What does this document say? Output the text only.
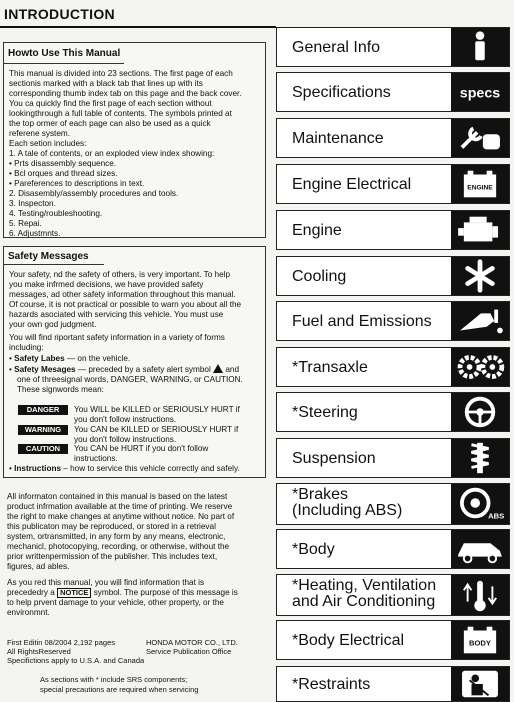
INTRODUCTION
Howto Use This Manual
This manual is divided into 23 sections. The first page of each
sectionis marked with a black tab that lines up with its
corresponding thumb index tab on this page and the back cover.
You ca quickly find the first page of each section without
lookingthrough a full table of contents. The symbols printed at
the top ormer of each page can also be used as a quick
referene system.
Each setion includes:
1. A tale of contents, or an exploded view index showing:
• Prts disassembly sequence.
• Bcl orques and thread sizes.
• Pareferences to descriptions in text.
2. Disasembly/assembly procedures and tools.
3. Inspecton.
4. Testing/roubleshooting.
5. Repai.
6. Adjustmnts.
Safety Messages
Your safety, nd the safety of others, is very important. To help
you make infrmed decisions, we have provided safety
messages, ad other safety information throughout this manual.
Of course, it is not practical or possible to warn you about all the
hazards asociated with servicing this vehicle. You must use
your own god judgment.
You will find riportant safety information in a variety of forms
including:
• Safety Labes — on the vehicle.
• Safety Mesages — preceded by a safety alert symbol  and
one of threesignal words, DANGER, WARNING, or CAUTION.
These signwords mean:
DANGER You WILL be KILLED or SERIOUSLY HURT if
you don't follow instructions.
WARNING You CAN be KILLED or SERIOUSLY HURT if
you don't follow instructions.
CAUTION You CAN be HURT if you don't follow
instructions.
• Instructions – how to service this vehicle correctly and safely.
All informaton contained in this manual is based on the latest
product infrmation available at the time of printing. We reserve
the right to make changes at anytime without notice. No part of
this publicaton may be reproduced, or stored in a retrieval
system, ortransmitted, in any form by any means, electronic,
mechanicl, photocopying, recording, or otherwise, without the
prior writtenpermission of the publisher. This includes text,
figures, ad ables.
As you red this manual, you will find information that is
precededry a NOTICE symbol. The purpose of this message is
to help prvent damage to your vehicle, other property, or the
environmnt.
First Editin 08/2004 2,192 pages
All RightsReserved
Specifictions apply to U.S.A. and Canada
HONDA MOTOR CO., LTD.
Service Publication Office
As sections with * include SRS components;
special precautions are required when servicing
General Info
Specifications	specs
Maintenance
Engine Electrical	ENGINE
Engine
Cooling
Fuel and Emissions
*Transaxle
*Steering
Suspension
*Brakes
(Including ABS)	ABS
*Body
*Heating, Ventilation
and Air Conditioning
*Body Electrical	BODY
*Restraints
